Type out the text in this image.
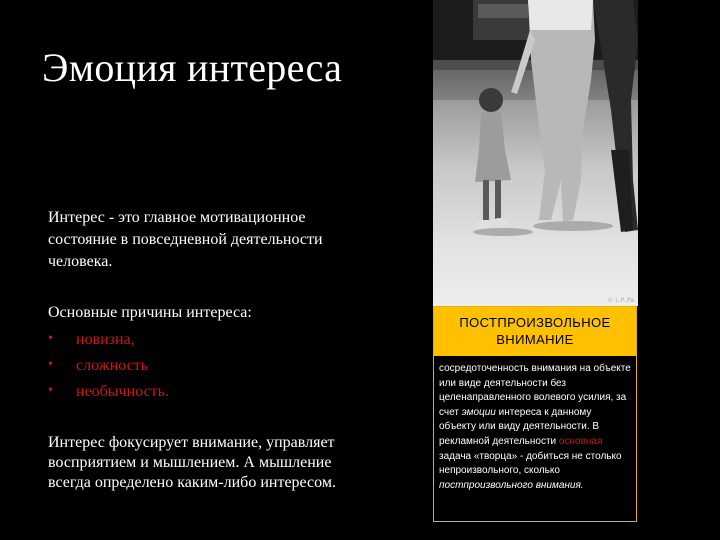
Эмоция интереса
Интерес - это главное мотивационное состояние в повседневной деятельности человека.
Основные причины интереса:
• новизна,
• сложность
• необычность.
Интерес фокусирует внимание, управляет восприятием и мышлением. А мышление всегда определено каким-либо интересом.
© L.P. Pa
ПОСТПРОИЗВОЛЬНОЕ
ВНИМАНИЕ
сосредоточенность внимания на объекте или виде деятельности без целенаправленного волевого усилия, за счет эмоции интереса к данному объекту или виду деятельности. В рекламной деятельности основная задача «творца» - добиться не столько непроизвольного, сколько постпроизвольного внимания.
